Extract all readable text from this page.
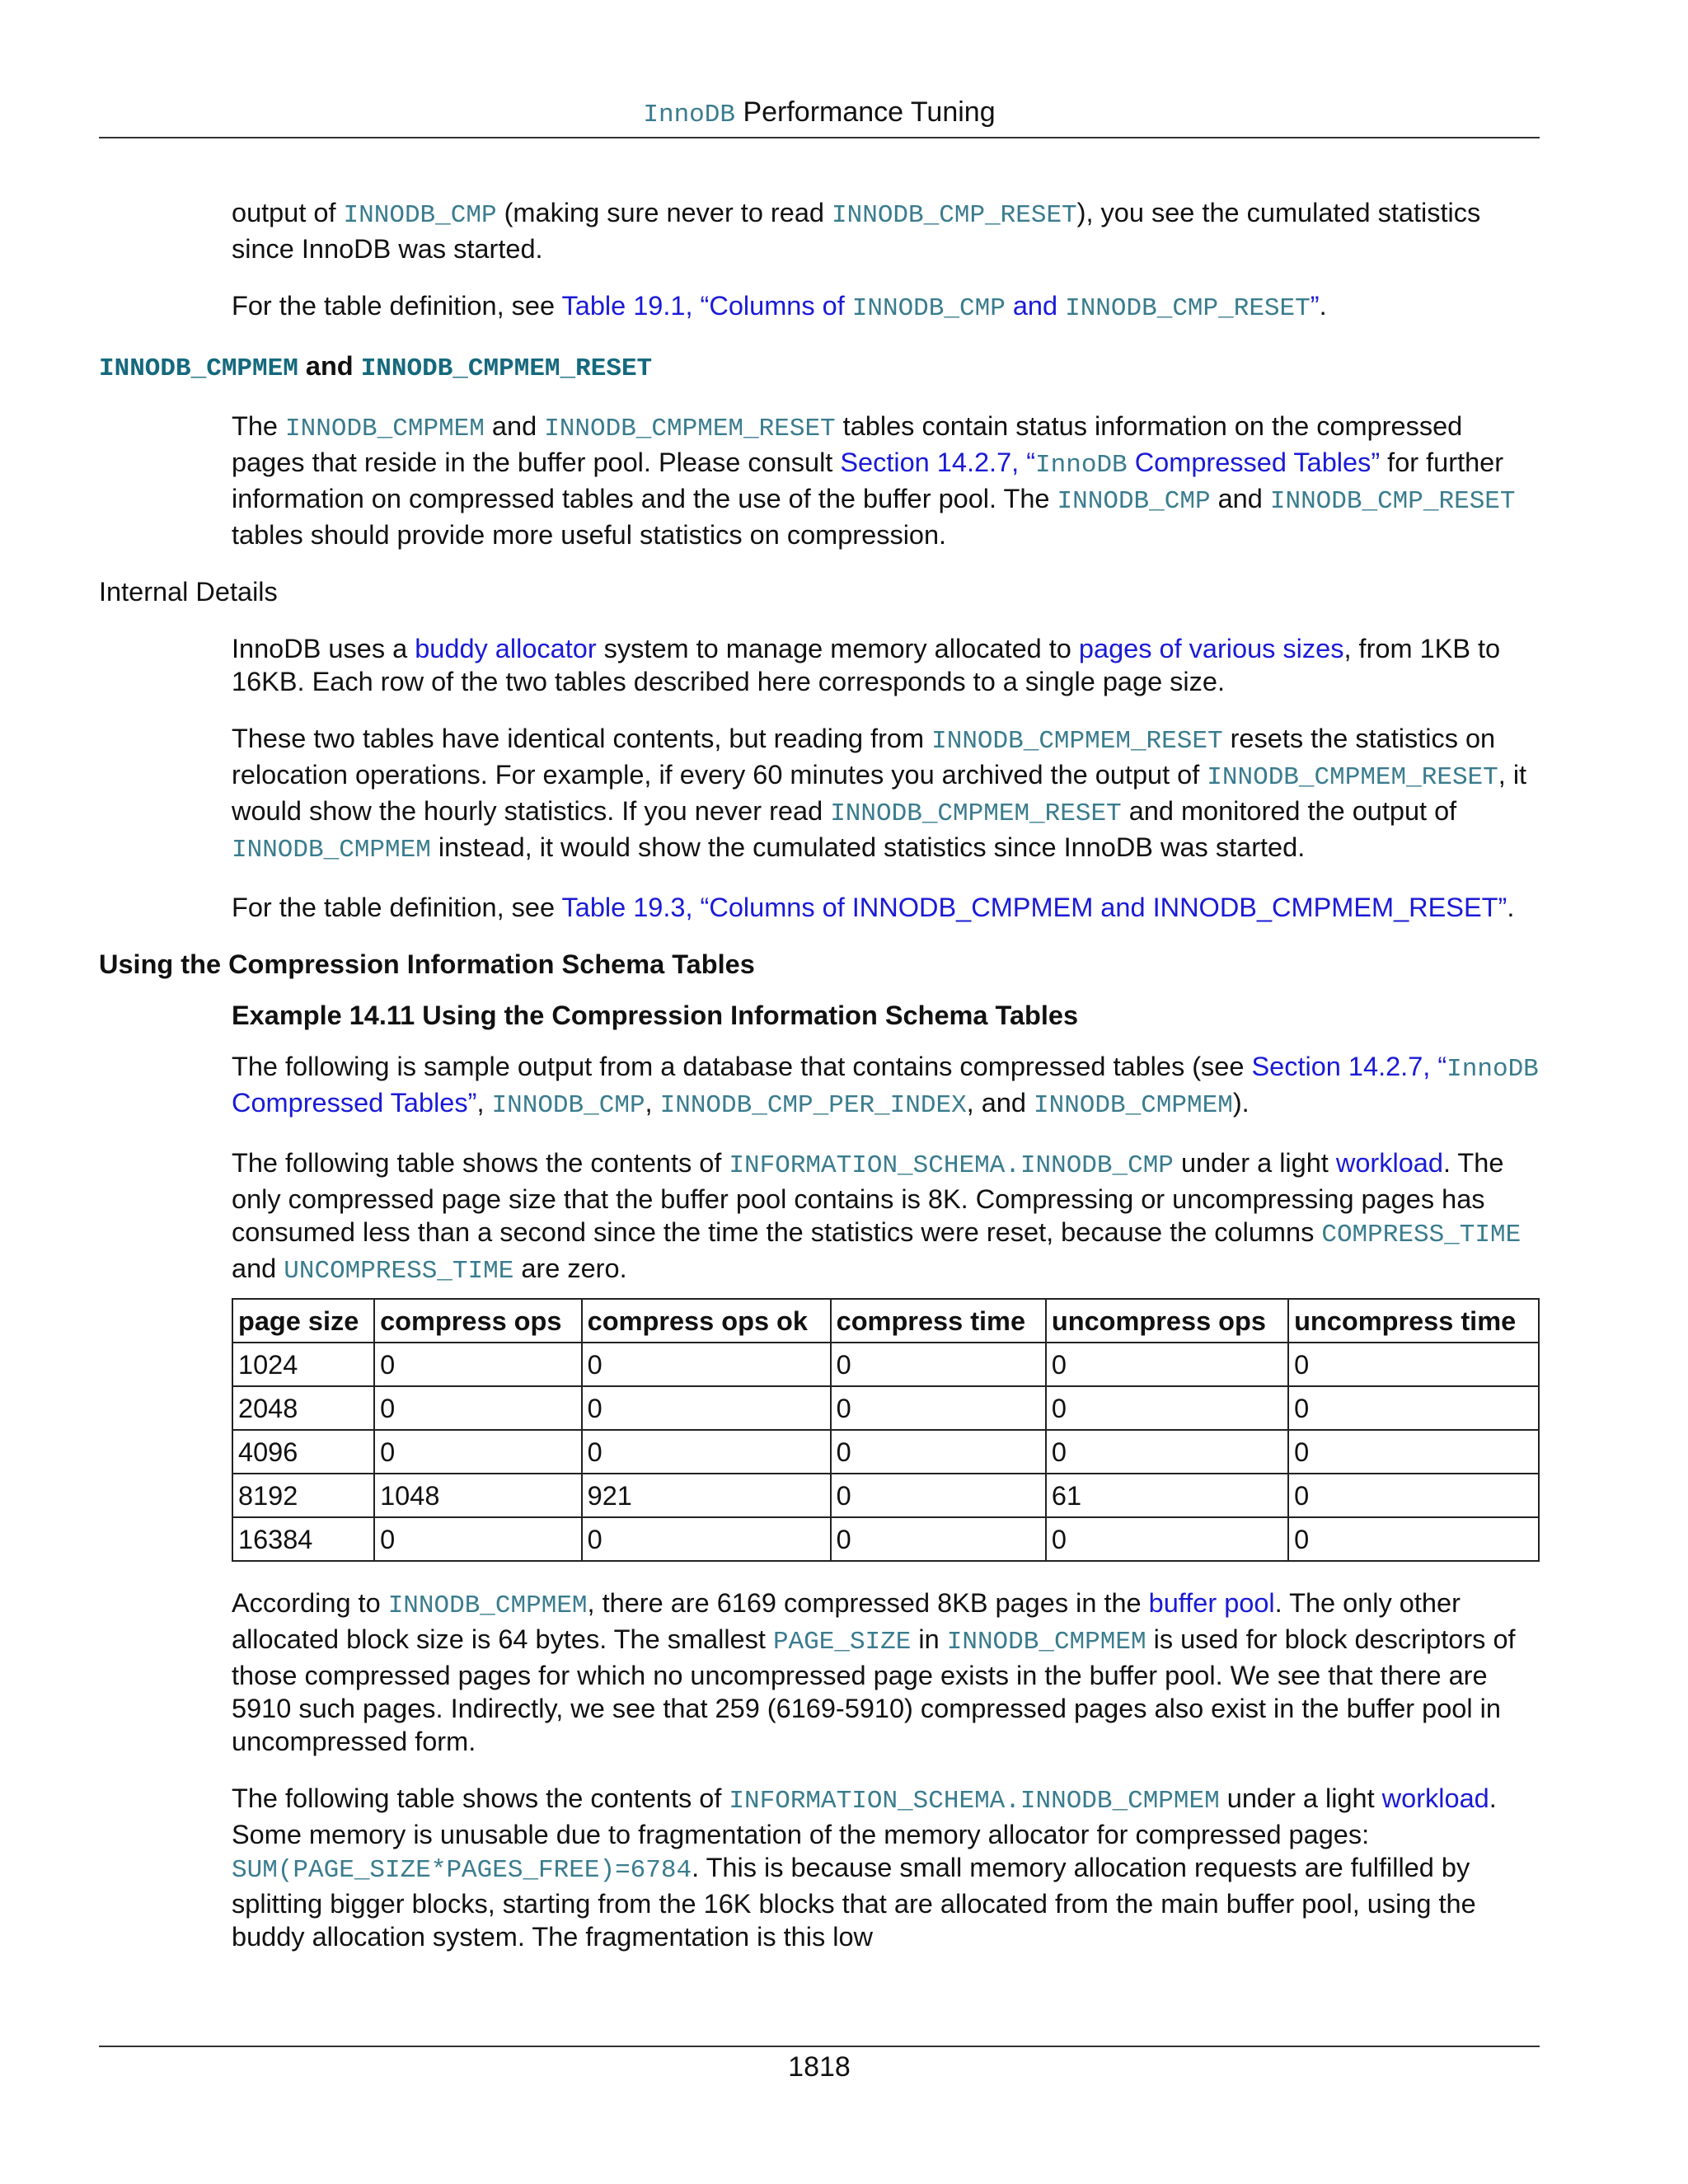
InnoDB Performance Tuning

output of INNODB_CMP (making sure never to read INNODB_CMP_RESET), you see the cumulated statistics since InnoDB was started.

For the table definition, see Table 19.1, “Columns of INNODB_CMP and INNODB_CMP_RESET”.

INNODB_CMPMEM and INNODB_CMPMEM_RESET

The INNODB_CMPMEM and INNODB_CMPMEM_RESET tables contain status information on the compressed pages that reside in the buffer pool. Please consult Section 14.2.7, “InnoDB Compressed Tables” for further information on compressed tables and the use of the buffer pool. The INNODB_CMP and INNODB_CMP_RESET tables should provide more useful statistics on compression.

Internal Details

InnoDB uses a buddy allocator system to manage memory allocated to pages of various sizes, from 1KB to 16KB. Each row of the two tables described here corresponds to a single page size.

These two tables have identical contents, but reading from INNODB_CMPMEM_RESET resets the statistics on relocation operations. For example, if every 60 minutes you archived the output of INNODB_CMPMEM_RESET, it would show the hourly statistics. If you never read INNODB_CMPMEM_RESET and monitored the output of INNODB_CMPMEM instead, it would show the cumulated statistics since InnoDB was started.

For the table definition, see Table 19.3, “Columns of INNODB_CMPMEM and INNODB_CMPMEM_RESET”.

Using the Compression Information Schema Tables
Example 14.11 Using the Compression Information Schema Tables

The following is sample output from a database that contains compressed tables (see Section 14.2.7, “InnoDB Compressed Tables”, INNODB_CMP, INNODB_CMP_PER_INDEX, and INNODB_CMPMEM).

The following table shows the contents of INFORMATION_SCHEMA.INNODB_CMP under a light workload. The only compressed page size that the buffer pool contains is 8K. Compressing or uncompressing pages has consumed less than a second since the time the statistics were reset, because the columns COMPRESS_TIME and UNCOMPRESS_TIME are zero.

page size	compress ops	compress ops ok	compress time	uncompress ops	uncompress time
1024	0	0	0	0	0
2048	0	0	0	0	0
4096	0	0	0	0	0
8192	1048	921	0	61	0
16384	0	0	0	0	0

According to INNODB_CMPMEM, there are 6169 compressed 8KB pages in the buffer pool. The only other allocated block size is 64 bytes. The smallest PAGE_SIZE in INNODB_CMPMEM is used for block descriptors of those compressed pages for which no uncompressed page exists in the buffer pool. We see that there are 5910 such pages. Indirectly, we see that 259 (6169-5910) compressed pages also exist in the buffer pool in uncompressed form.

The following table shows the contents of INFORMATION_SCHEMA.INNODB_CMPMEM under a light workload. Some memory is unusable due to fragmentation of the memory allocator for compressed pages: SUM(PAGE_SIZE*PAGES_FREE)=6784. This is because small memory allocation requests are fulfilled by splitting bigger blocks, starting from the 16K blocks that are allocated from the main buffer pool, using the buddy allocation system. The fragmentation is this low

1818
